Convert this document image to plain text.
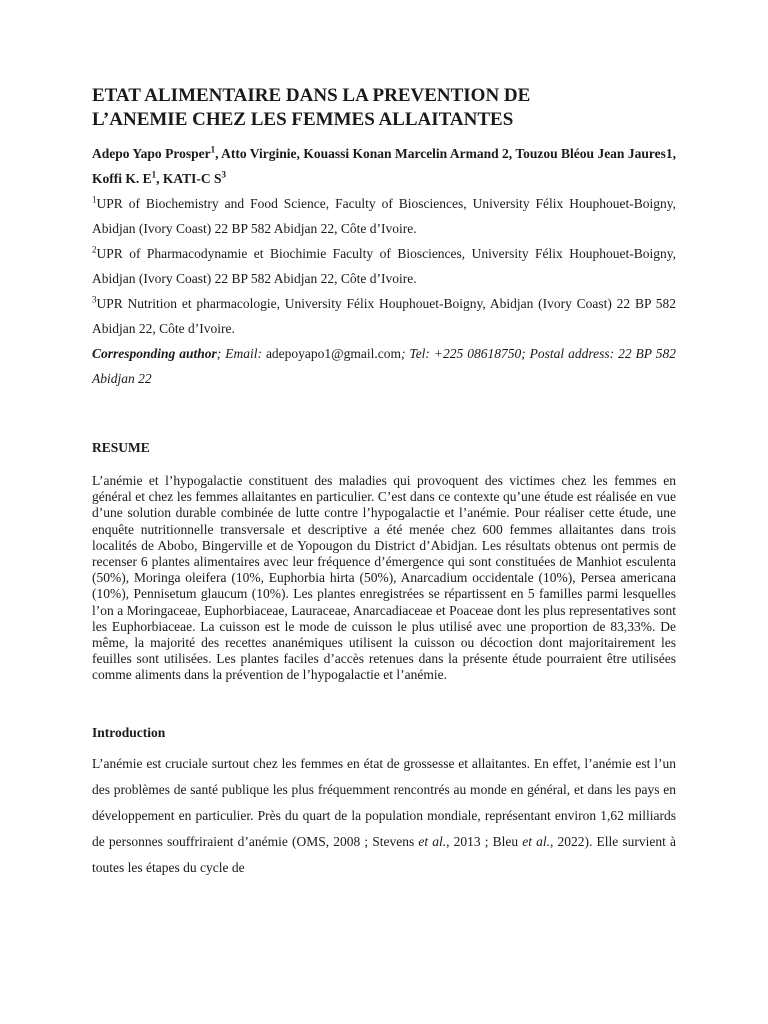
ETAT ALIMENTAIRE DANS LA PREVENTION DE L’ANEMIE CHEZ LES FEMMES ALLAITANTES
Adepo Yapo Prosper$^1$, Atto Virginie, Kouassi Konan Marcelin Armand 2, Touzou Bléou Jean Jaures1, Koffi K. $E^1$, KATI-C $S^3$
$^1$UPR of Biochemistry and Food Science, Faculty of Biosciences, University Félix Houphouet-Boigny, Abidjan (Ivory Coast) 22 BP 582 Abidjan 22, Côte d’Ivoire.
$^2$UPR of Pharmacodynamie et Biochimie Faculty of Biosciences, University Félix Houphouet-Boigny, Abidjan (Ivory Coast) 22 BP 582 Abidjan 22, Côte d’Ivoire.
$^3$UPR Nutrition et pharmacologie, University Félix Houphouet-Boigny, Abidjan (Ivory Coast) 22 BP 582 Abidjan 22, Côte d’Ivoire.
Corresponding author; Email: adepoyapo1@gmail.com; Tel: +225 08618750; Postal address: 22 BP 582 Abidjan 22
RESUME
L’anémie et l’hypogalactie constituent des maladies qui provoquent des victimes chez les femmes en général et chez les femmes allaitantes en particulier. C’est dans ce contexte qu’une étude est réalisée en vue d’une solution durable combinée de lutte contre l’hypogalactie et l’anémie. Pour réaliser cette étude, une enquête nutritionnelle transversale et descriptive a été menée chez 600 femmes allaitantes dans trois localités de Abobo, Bingerville et de Yopougon du District d’Abidjan. Les résultats obtenus ont permis de recenser 6 plantes alimentaires avec leur fréquence d’émergence qui sont constituées de Manhiot esculenta (50%), Moringa oleifera (10%, Euphorbia hirta (50%), Anarcadium occidentale (10%), Persea americana (10%), Pennisetum glaucum (10%). Les plantes enregistrées se répartissent en 5 familles parmi lesquelles l’on a Moringaceae, Euphorbiaceae, Lauraceae, Anarcadiaceae et Poaceae dont les plus representatives sont les Euphorbiaceae. La cuisson est le mode de cuisson le plus utilisé avec une proportion de 83,33%. De même, la majorité des recettes ananémiques utilisent la cuisson ou décoction dont majoritairement les feuilles sont utilisées. Les plantes faciles d’accès retenues dans la présente étude pourraient être utilisées comme aliments dans la prévention de l’hypogalactie et l’anémie.
Introduction
L’anémie est cruciale surtout chez les femmes en état de grossesse et allaitantes. En effet, l’anémie est l’un des problèmes de santé publique les plus fréquemment rencontrés au monde en général, et dans les pays en développement en particulier. Près du quart de la population mondiale, représentant environ 1,62 milliards de personnes souffriraient d’anémie (OMS, 2008 ; Stevens et al., 2013 ; Bleu et al., 2022). Elle survient à toutes les étapes du cycle de
